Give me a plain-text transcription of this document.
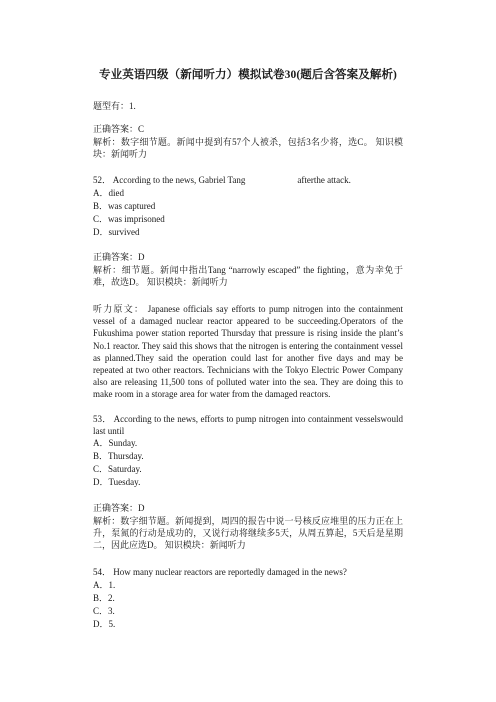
专业英语四级（新闻听力）模拟试卷30(题后含答案及解析)
题型有：1.
正确答案：C
解析：数字细节题。新闻中提到有57个人被杀，包括3名少将，选C。 知识模块：新闻听力
52． According to the news, Gabriel Tang	afterthe attack.
A．died
B．was captured
C．was imprisoned
D．survived
正确答案：D
解析：细节题。新闻中指出Tang “narrowly escaped” the fighting，意为幸免于难，故选D。 知识模块：新闻听力
听力原文： Japanese officials say efforts to pump nitrogen into the containment vessel of a damaged nuclear reactor appeared to be succeeding.Operators of the Fukushima power station reported Thursday that pressure is rising inside the plant’s No.1 reactor. They said this shows that the nitrogen is entering the containment vessel as planned.They said the operation could last for another five days and may be repeated at two other reactors. Technicians with the Tokyo Electric Power Company also are releasing 11,500 tons of polluted water into the sea. They are doing this to make room in a storage area for water from the damaged reactors.
53． According to the news, efforts to pump nitrogen into containment vesselswould last until
A．Sunday.
B．Thursday.
C．Saturday.
D．Tuesday.
正确答案：D
解析：数字细节题。新闻提到，周四的报告中说一号核反应堆里的压力正在上升，泵氮的行动是成功的，又说行动将继续多5天，从周五算起，5天后是星期二，因此应选D。 知识模块：新闻听力
54． How many nuclear reactors are reportedly damaged in the news?
A．1.
B．2.
C．3.
D．5.
